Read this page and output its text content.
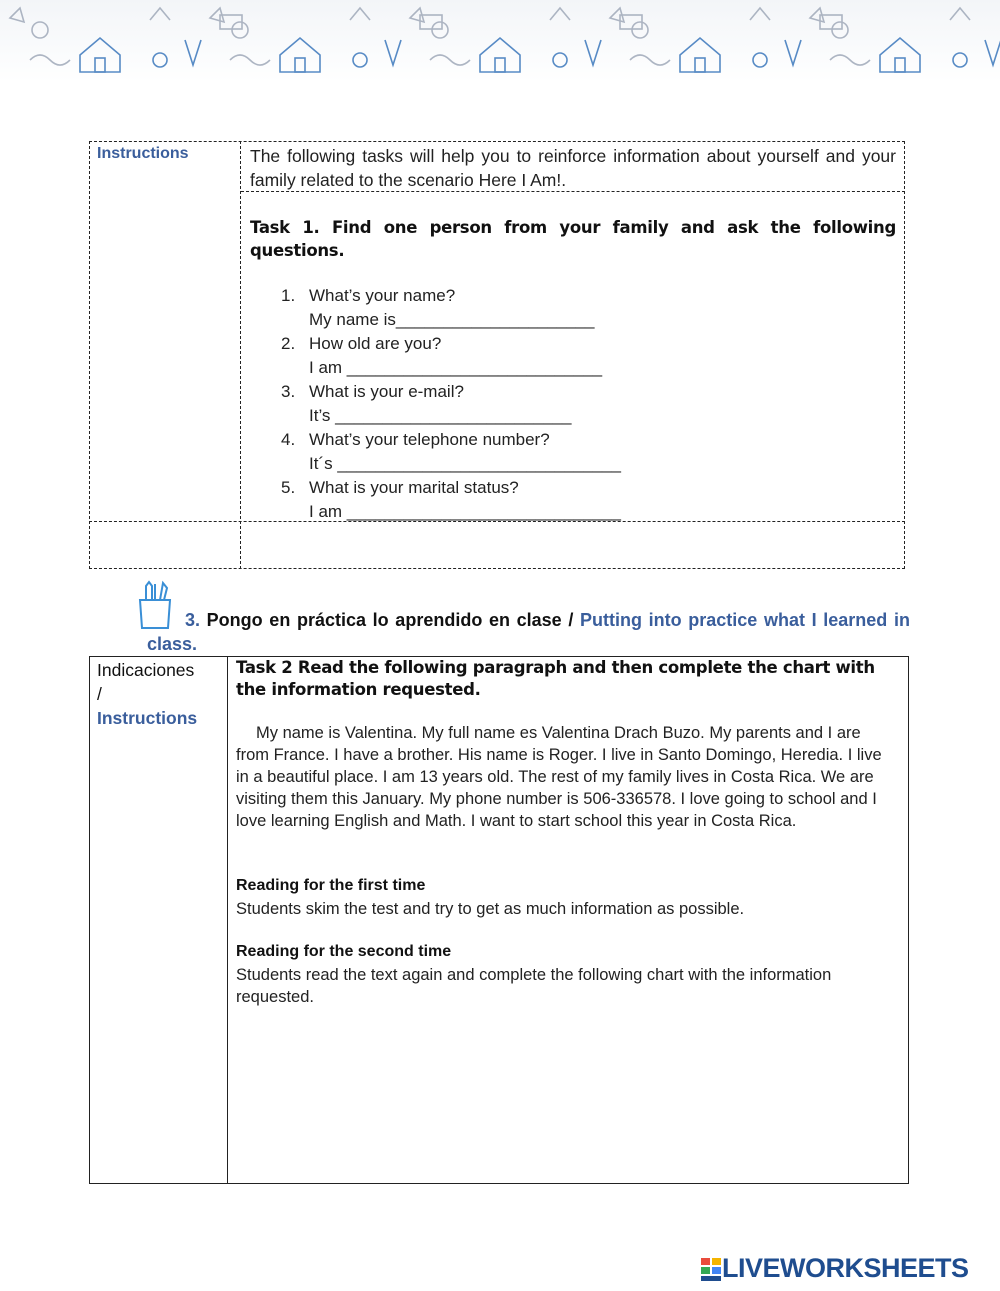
Instructions	The following tasks will help you to reinforce information about yourself and your family related to the scenario Here I Am!.
Task 1. Find one person from your family and ask the following questions.
1. What’s your name?
My name is_____________________
2. How old are you?
I am ___________________________
3. What is your e-mail?
It’s _________________________
4. What’s your telephone number?
It´s ______________________________
5. What is your marital status?
I am _____________________________
3. Pongo en práctica lo aprendido en clase / Putting into practice what I learned in class.
Indicaciones
/
Instructions
Task 2 Read the following paragraph and then complete the chart with the information requested.
My name is Valentina. My full name es Valentina Drach Buzo. My parents and I are from France. I have a brother. His name is Roger. I live in Santo Domingo, Heredia. I live in a beautiful place. I am 13 years old. The rest of my family lives in Costa Rica. We are visiting them this January. My phone number is 506-336578. I love going to school and I love learning English and Math. I want to start school this year in Costa Rica.
Reading for the first time
Students skim the test and try to get as much information as possible.
Reading for the second time
Students read the text again and complete the following chart with the information requested.
LIVEWORKSHEETS
